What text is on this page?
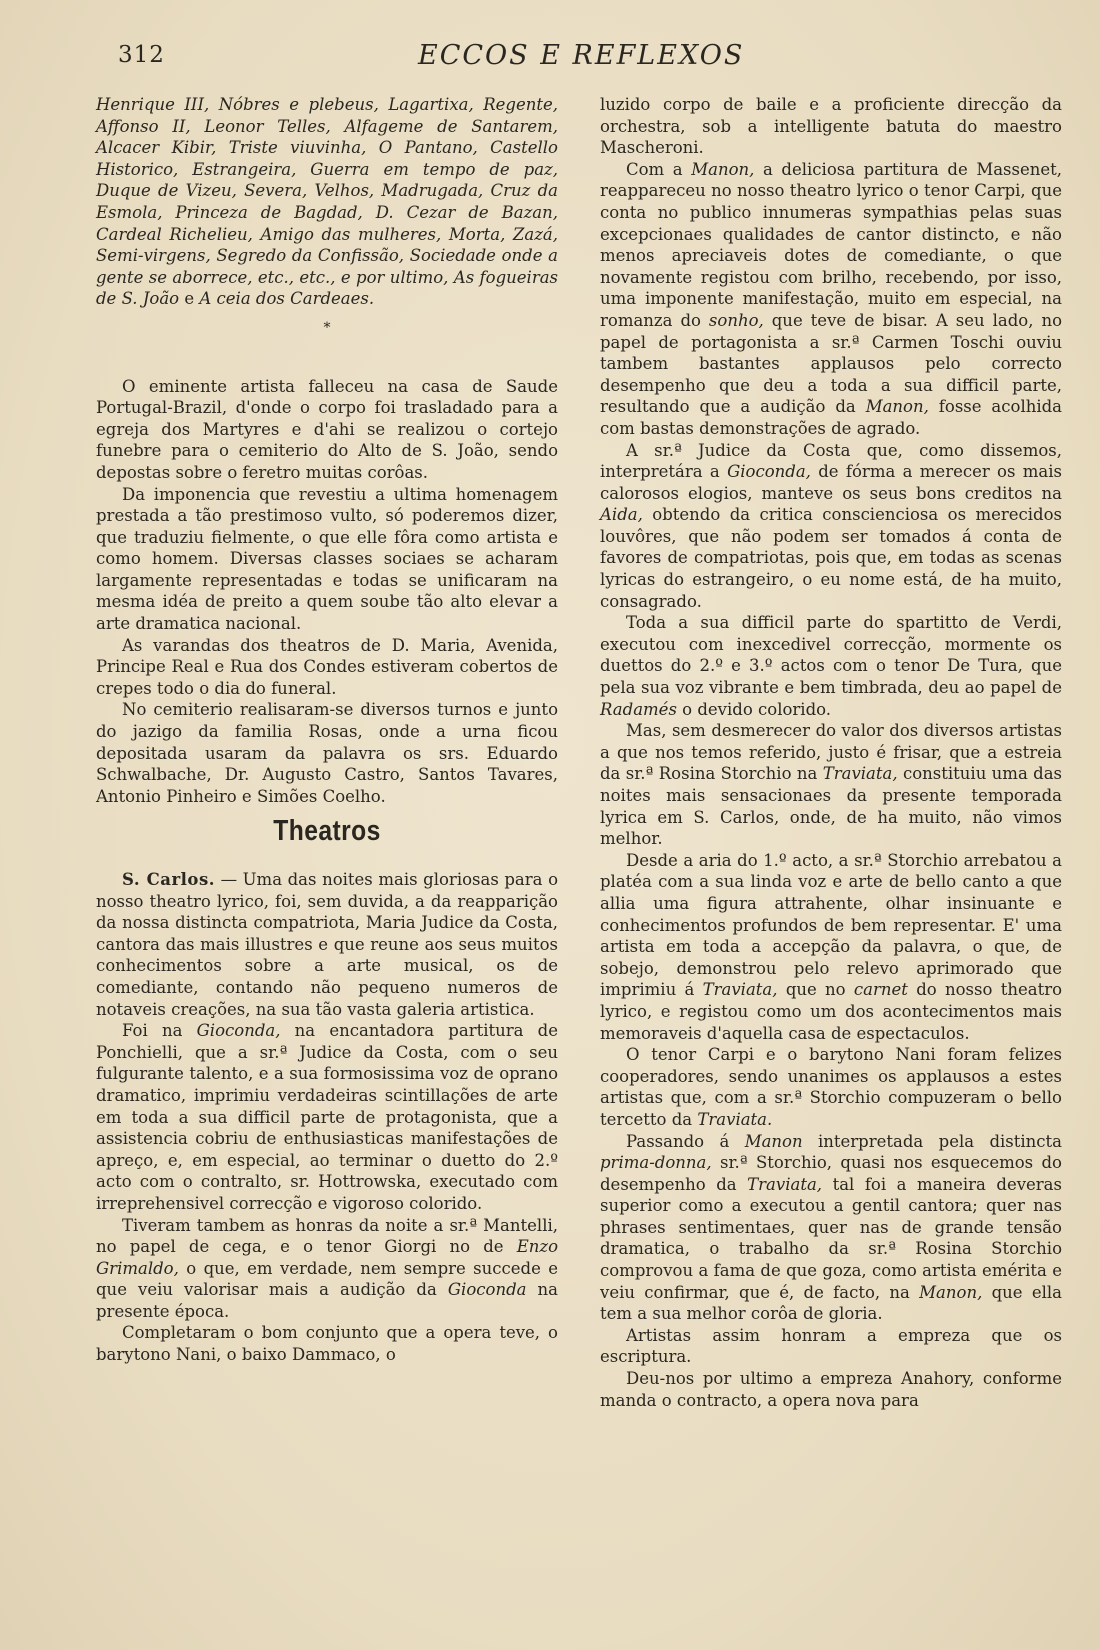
312	ECCOS E REFLEXOS

Henrique III, Nóbres e plebeus, Lagartixa, Regente, Affonso II, Leonor Telles, Alfageme de Santarem, Alcacer Kibir, Triste viuvinha, O Pantano, Castello Historico, Estrangeira, Guerra em tempo de paz, Duque de Vizeu, Severa, Velhos, Madrugada, Cruz da Esmola, Princeza de Bagdad, D. Cezar de Bazan, Cardeal Richelieu, Amigo das mulheres, Morta, Zazá, Semi-virgens, Segredo da Confissão, Sociedade onde a gente se aborrece, etc., etc., e por ultimo, As fogueiras de S. João e A ceia dos Cardeaes.

*

O eminente artista falleceu na casa de Saude Portugal-Brazil, d'onde o corpo foi trasladado para a egreja dos Martyres e d'ahi se realizou o cortejo funebre para o cemiterio do Alto de S. João, sendo depostas sobre o feretro muitas corôas.

Da imponencia que revestiu a ultima homenagem prestada a tão prestimoso vulto, só poderemos dizer, que traduziu fielmente, o que elle fôra como artista e como homem. Diversas classes sociaes se acharam largamente representadas e todas se unificaram na mesma idéa de preito a quem soube tão alto elevar a arte dramatica nacional.

As varandas dos theatros de D. Maria, Avenida, Principe Real e Rua dos Condes estiveram cobertos de crepes todo o dia do funeral.

No cemiterio realisaram-se diversos turnos e junto do jazigo da familia Rosas, onde a urna ficou depositada usaram da palavra os srs. Eduardo Schwalbache, Dr. Augusto Castro, Santos Tavares, Antonio Pinheiro e Simões Coelho.

Theatros

S. Carlos. — Uma das noites mais gloriosas para o nosso theatro lyrico, foi, sem duvida, a da reapparição da nossa distincta compatriota, Maria Judice da Costa, cantora das mais illustres e que reune aos seus muitos conhecimentos sobre a arte musical, os de comediante, contando não pequeno numeros de notaveis creações, na sua tão vasta galeria artistica.

Foi na Gioconda, na encantadora partitura de Ponchielli, que a sr.ª Judice da Costa, com o seu fulgurante talento, e a sua formosissima voz de oprano dramatico, imprimiu verdadeiras scintillações de arte em toda a sua difficil parte de protagonista, que a assistencia cobriu de enthusiasticas manifestações de apreço, e, em especial, ao terminar o duetto do 2.º acto com o contralto, sr. Hottrowska, executado com irreprehensivel correcção e vigoroso colorido.

Tiveram tambem as honras da noite a sr.ª Mantelli, no papel de cega, e o tenor Giorgi no de Enzo Grimaldo, o que, em verdade, nem sempre succede e que veiu valorisar mais a audição da Gioconda na presente época.

Completaram o bom conjunto que a opera teve, o barytono Nani, o baixo Dammaco, o

luzido corpo de baile e a proficiente direcção da orchestra, sob a intelligente batuta do maestro Mascheroni.

Com a Manon, a deliciosa partitura de Massenet, reappareceu no nosso theatro lyrico o tenor Carpi, que conta no publico innumeras sympathias pelas suas excepcionaes qualidades de cantor distincto, e não menos apreciaveis dotes de comediante, o que novamente registou com brilho, recebendo, por isso, uma imponente manifestação, muito em especial, na romanza do sonho, que teve de bisar. A seu lado, no papel de portagonista a sr.ª Carmen Toschi ouviu tambem bastantes applausos pelo correcto desempenho que deu a toda a sua difficil parte, resultando que a audição da Manon, fosse acolhida com bastas demonstrações de agrado.

A sr.ª Judice da Costa que, como dissemos, interpretára a Gioconda, de fórma a merecer os mais calorosos elogios, manteve os seus bons creditos na Aida, obtendo da critica conscienciosa os merecidos louvôres, que não podem ser tomados á conta de favores de compatriotas, pois que, em todas as scenas lyricas do estrangeiro, o eu nome está, de ha muito, consagrado.

Toda a sua difficil parte do spartitto de Verdi, executou com inexcedivel correcção, mormente os duettos do 2.º e 3.º actos com o tenor De Tura, que pela sua voz vibrante e bem timbrada, deu ao papel de Radamés o devido colorido.

Mas, sem desmerecer do valor dos diversos artistas a que nos temos referido, justo é frisar, que a estreia da sr.ª Rosina Storchio na Traviata, constituiu uma das noites mais sensacionaes da presente temporada lyrica em S. Carlos, onde, de ha muito, não vimos melhor.

Desde a aria do 1.º acto, a sr.ª Storchio arrebatou a platéa com a sua linda voz e arte de bello canto a que allia uma figura attrahente, olhar insinuante e conhecimentos profundos de bem representar. E' uma artista em toda a accepção da palavra, o que, de sobejo, demonstrou pelo relevo aprimorado que imprimiu á Traviata, que no carnet do nosso theatro lyrico, e registou como um dos acontecimentos mais memoraveis d'aquella casa de espectaculos.

O tenor Carpi e o barytono Nani foram felizes cooperadores, sendo unanimes os applausos a estes artistas que, com a sr.ª Storchio compuzeram o bello tercetto da Traviata.

Passando á Manon interpretada pela distincta prima-donna, sr.ª Storchio, quasi nos esquecemos do desempenho da Traviata, tal foi a maneira deveras superior como a executou a gentil cantora; quer nas phrases sentimentaes, quer nas de grande tensão dramatica, o trabalho da sr.ª Rosina Storchio comprovou a fama de que goza, como artista emérita e veiu confirmar, que é, de facto, na Manon, que ella tem a sua melhor corôa de gloria.

Artistas assim honram a empreza que os escriptura.

Deu-nos por ultimo a empreza Anahory, conforme manda o contracto, a opera nova para
